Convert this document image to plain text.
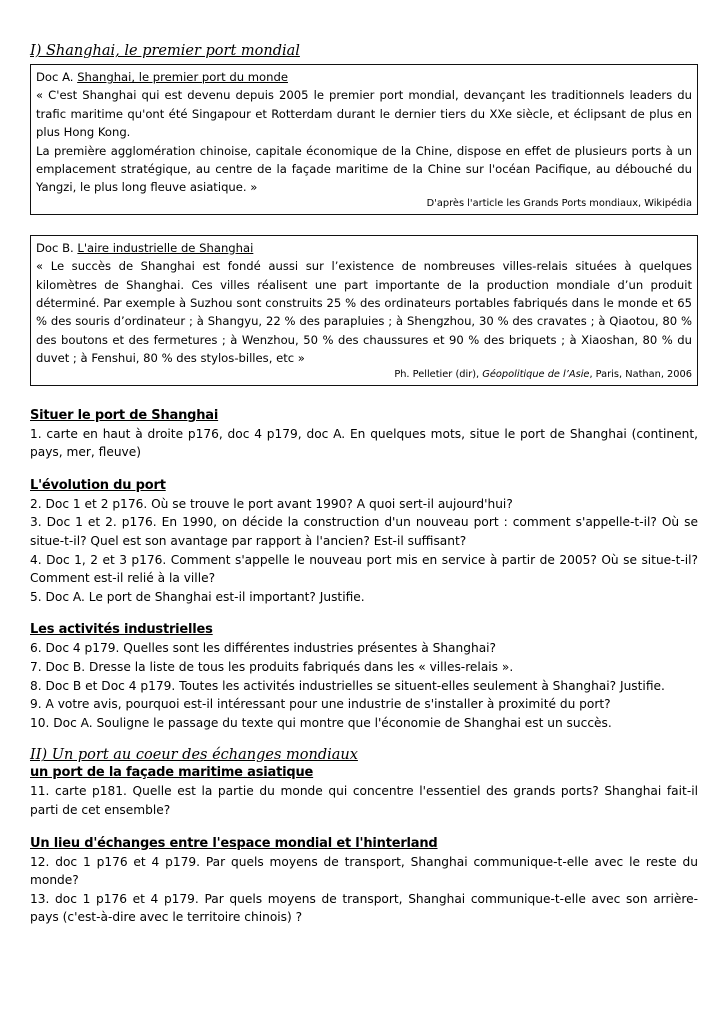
I) Shanghai, le premier port mondial

Doc A. Shanghai, le premier port du monde

« C'est Shanghai qui est devenu depuis 2005 le premier port mondial, devançant les traditionnels leaders du trafic maritime qu'ont été Singapour et Rotterdam durant le dernier tiers du XXe siècle, et éclipsant de plus en plus Hong Kong.

La première agglomération chinoise, capitale économique de la Chine, dispose en effet de plusieurs ports à un emplacement stratégique, au centre de la façade maritime de la Chine sur l'océan Pacifique, au débouché du Yangzi, le plus long fleuve asiatique. »

D'après l'article les Grands Ports mondiaux, Wikipédia

Doc B. L'aire industrielle de Shanghai

« Le succès de Shanghai est fondé aussi sur l’existence de nombreuses villes-relais situées à quelques kilomètres de Shanghai. Ces villes réalisent une part importante de la production mondiale d’un produit déterminé. Par exemple à Suzhou sont construits 25 % des ordinateurs portables fabriqués dans le monde et 65 % des souris d’ordinateur ; à Shangyu, 22 % des parapluies ; à Shengzhou, 30 % des cravates ; à Qiaotou, 80 % des boutons et des fermetures ; à Wenzhou, 50 % des chaussures et 90 % des briquets ; à Xiaoshan, 80 % du duvet ; à Fenshui, 80 % des stylos-billes, etc »

Ph. Pelletier (dir), Géopolitique de l’Asie, Paris, Nathan, 2006
Situer le port de Shanghai

1. carte en haut à droite p176, doc 4 p179, doc A. En quelques mots, situe le port de Shanghai (continent, pays, mer, fleuve)

L'évolution du port

2. Doc 1 et 2 p176. Où se trouve le port avant 1990? A quoi sert-il aujourd'hui?

3. Doc 1 et 2. p176. En 1990, on décide la construction d'un nouveau port : comment s'appelle-t-il? Où se situe-t-il? Quel est son avantage par rapport à l'ancien? Est-il suffisant?

4. Doc 1, 2 et 3 p176. Comment s'appelle le nouveau port mis en service à partir de 2005? Où se situe-t-il? Comment est-il relié à la ville?

5. Doc A. Le port de Shanghai est-il important? Justifie.

Les activités industrielles

6. Doc 4 p179. Quelles sont les différentes industries présentes à Shanghai?

7. Doc B. Dresse la liste de tous les produits fabriqués dans les « villes-relais ».

8. Doc B et Doc 4 p179. Toutes les activités industrielles se situent-elles seulement à Shanghai? Justifie.

9. A votre avis, pourquoi est-il intéressant pour une industrie de s'installer à proximité du port?

10. Doc A. Souligne le passage du texte qui montre que l'économie de Shanghai est un succès.

II) Un port au coeur des échanges mondiaux
un port de la façade maritime asiatique

11. carte p181. Quelle est la partie du monde qui concentre l'essentiel des grands ports? Shanghai fait-il parti de cet ensemble?

Un lieu d'échanges entre l'espace mondial et l'hinterland

12. doc 1 p176 et 4 p179. Par quels moyens de transport, Shanghai communique-t-elle avec le reste du monde?

13. doc 1 p176 et 4 p179. Par quels moyens de transport, Shanghai communique-t-elle avec son arrière-pays (c'est-à-dire avec le territoire chinois) ?
